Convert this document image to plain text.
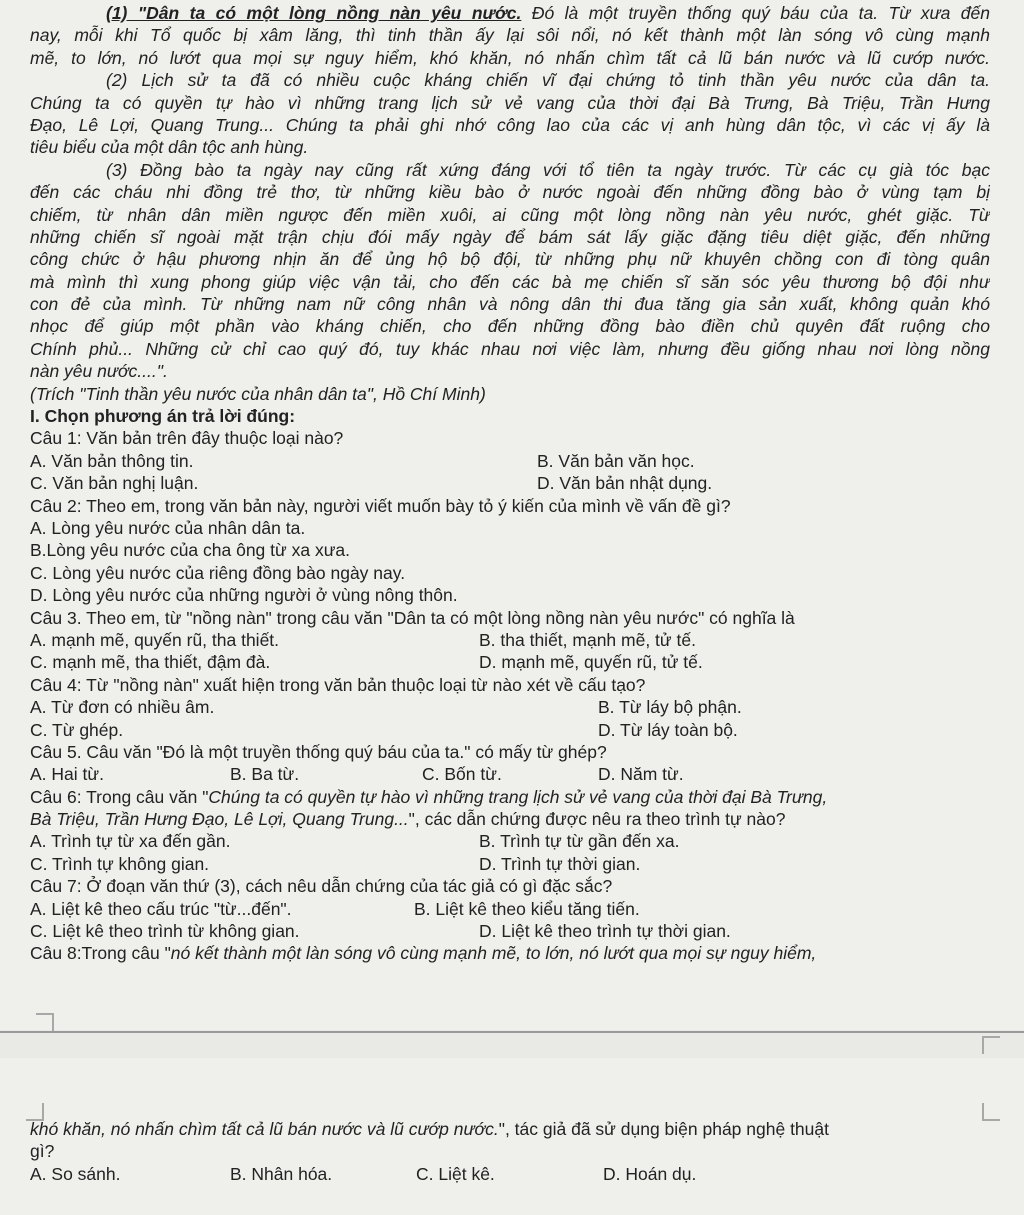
(1) "Dân ta có một lòng nồng nàn yêu nước. Đó là một truyền thống quý báu của ta. Từ xưa đến
nay, mỗi khi Tổ quốc bị xâm lăng, thì tinh thần ấy lại sôi nổi, nó kết thành một làn sóng vô cùng mạnh
mẽ, to lớn, nó lướt qua mọi sự nguy hiểm, khó khăn, nó nhấn chìm tất cả lũ bán nước và lũ cướp nước.
(2) Lịch sử ta đã có nhiều cuộc kháng chiến vĩ đại chứng tỏ tinh thần yêu nước của dân ta.
Chúng ta có quyền tự hào vì những trang lịch sử vẻ vang của thời đại Bà Trưng, Bà Triệu, Trần Hưng
Đạo, Lê Lợi, Quang Trung... Chúng ta phải ghi nhớ công lao của các vị anh hùng dân tộc, vì các vị ấy là
tiêu biểu của một dân tộc anh hùng.
(3) Đồng bào ta ngày nay cũng rất xứng đáng với tổ tiên ta ngày trước. Từ các cụ già tóc bạc
đến các cháu nhi đồng trẻ thơ, từ những kiều bào ở nước ngoài đến những đồng bào ở vùng tạm bị
chiếm, từ nhân dân miền ngược đến miền xuôi, ai cũng một lòng nồng nàn yêu nước, ghét giặc. Từ
những chiến sĩ ngoài mặt trận chịu đói mấy ngày để bám sát lấy giặc đặng tiêu diệt giặc, đến những
công chức ở hậu phương nhịn ăn để ủng hộ bộ đội, từ những phụ nữ khuyên chồng con đi tòng quân
mà mình thì xung phong giúp việc vận tải, cho đến các bà mẹ chiến sĩ săn sóc yêu thương bộ đội như
con đẻ của mình. Từ những nam nữ công nhân và nông dân thi đua tăng gia sản xuất, không quản khó
nhọc để giúp một phần vào kháng chiến, cho đến những đồng bào điền chủ quyên đất ruộng cho
Chính phủ... Những cử chỉ cao quý đó, tuy khác nhau nơi việc làm, nhưng đều giống nhau nơi lòng nồng
nàn yêu nước....".
(Trích "Tinh thần yêu nước của nhân dân ta", Hồ Chí Minh)
I. Chọn phương án trả lời đúng:
Câu 1: Văn bản trên đây thuộc loại nào?
A. Văn bản thông tin.	B. Văn bản văn học.
C. Văn bản nghị luận.	D. Văn bản nhật dụng.
Câu 2: Theo em, trong văn bản này, người viết muốn bày tỏ ý kiến của mình về vấn đề gì?
A. Lòng yêu nước của nhân dân ta.
B.Lòng yêu nước của cha ông từ xa xưa.
C. Lòng yêu nước của riêng đồng bào ngày nay.
D. Lòng yêu nước của những người ở vùng nông thôn.
Câu 3. Theo em, từ "nồng nàn" trong câu văn "Dân ta có một lòng nồng nàn yêu nước" có nghĩa là
A. mạnh mẽ, quyến rũ, tha thiết.	B. tha thiết, mạnh mẽ, tử tế.
C. mạnh mẽ, tha thiết, đậm đà.	D. mạnh mẽ, quyến rũ, tử tế.
Câu 4: Từ "nồng nàn" xuất hiện trong văn bản thuộc loại từ nào xét về cấu tạo?
A. Từ đơn có nhiều âm.	B. Từ láy bộ phận.
C. Từ ghép.	D. Từ láy toàn bộ.
Câu 5. Câu văn "Đó là một truyền thống quý báu của ta." có mấy từ ghép?
A. Hai từ.	B. Ba từ.	C. Bốn từ.	D. Năm từ.
Câu 6: Trong câu văn "Chúng ta có quyền tự hào vì những trang lịch sử vẻ vang của thời đại Bà Trưng,
Bà Triệu, Trần Hưng Đạo, Lê Lợi, Quang Trung...", các dẫn chứng được nêu ra theo trình tự nào?
A. Trình tự từ xa đến gần.	B. Trình tự từ gần đến xa.
C. Trình tự không gian.	D. Trình tự thời gian.
Câu 7: Ở đoạn văn thứ (3), cách nêu dẫn chứng của tác giả có gì đặc sắc?
A. Liệt kê theo cấu trúc "từ...đến".	B. Liệt kê theo kiểu tăng tiến.
C. Liệt kê theo trình từ không gian.	D. Liệt kê theo trình tự thời gian.
Câu 8:Trong câu "nó kết thành một làn sóng vô cùng mạnh mẽ, to lớn, nó lướt qua mọi sự nguy hiểm,
khó khăn, nó nhấn chìm tất cả lũ bán nước và lũ cướp nước.", tác giả đã sử dụng biện pháp nghệ thuật
gì?
A. So sánh.	B. Nhân hóa.	C. Liệt kê.	D. Hoán dụ.
